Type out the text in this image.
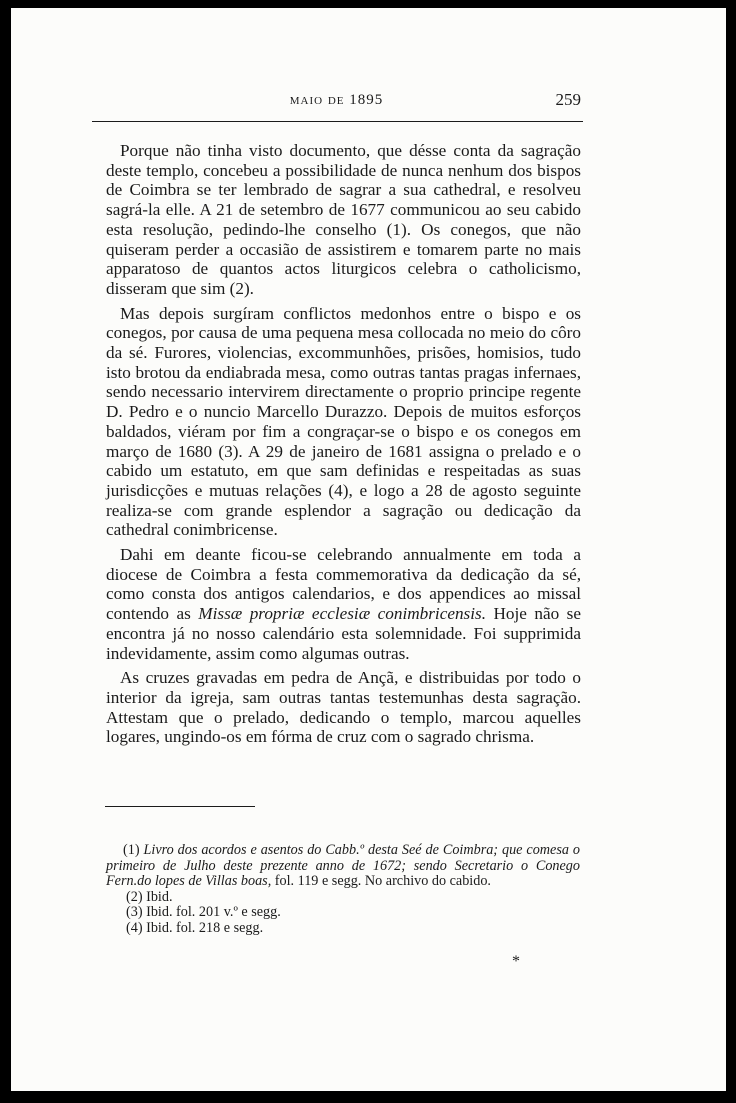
maio de 1895	259

Porque não tinha visto documento, que désse conta da sagração deste templo, concebeu a possibilidade de nunca nenhum dos bispos de Coimbra se ter lembrado de sagrar a sua cathedral, e resolveu sagrá-la elle. A 21 de setembro de 1677 communicou ao seu cabido esta resolução, pedindo-lhe conselho (1). Os conegos, que não quiseram perder a occasião de assistirem e tomarem parte no mais apparatoso de quantos actos liturgicos celebra o catholicismo, disseram que sim (2).

Mas depois surgíram conflictos medonhos entre o bispo e os conegos, por causa de uma pequena mesa collocada no meio do côro da sé. Furores, violencias, excommunhões, prisões, homisios, tudo isto brotou da endiabrada mesa, como outras tantas pragas infernaes, sendo necessario intervirem directamente o proprio principe regente D. Pedro e o nuncio Marcello Durazzo. Depois de muitos esforços baldados, viéram por fim a congraçar-se o bispo e os conegos em março de 1680 (3). A 29 de janeiro de 1681 assigna o prelado e o cabido um estatuto, em que sam definidas e respeitadas as suas jurisdicções e mutuas relações (4), e logo a 28 de agosto seguinte realiza-se com grande esplendor a sagração ou dedicação da cathedral conimbricense.

Dahi em deante ficou-se celebrando annualmente em toda a diocese de Coimbra a festa commemorativa da dedicação da sé, como consta dos antigos calendarios, e dos appendices ao missal contendo as Missæ propriæ ecclesiæ conimbricensis. Hoje não se encontra já no nosso calendário esta solemnidade. Foi supprimida indevidamente, assim como algumas outras.

As cruzes gravadas em pedra de Ançã, e distribuidas por todo o interior da igreja, sam outras tantas testemunhas desta sagração. Attestam que o prelado, dedicando o templo, marcou aquelles logares, ungindo-os em fórma de cruz com o sagrado chrisma.

(1) Livro dos acordos e asentos do Cabb.º desta Seé de Coimbra; que comesa o primeiro de Julho deste prezente anno de 1672; sendo Secretario o Conego Fern.do lopes de Villas boas, fol. 119 e segg. No archivo do cabido.

(2) Ibid.

(3) Ibid. fol. 201 v.º e segg.

(4) Ibid. fol. 218 e segg.

*
